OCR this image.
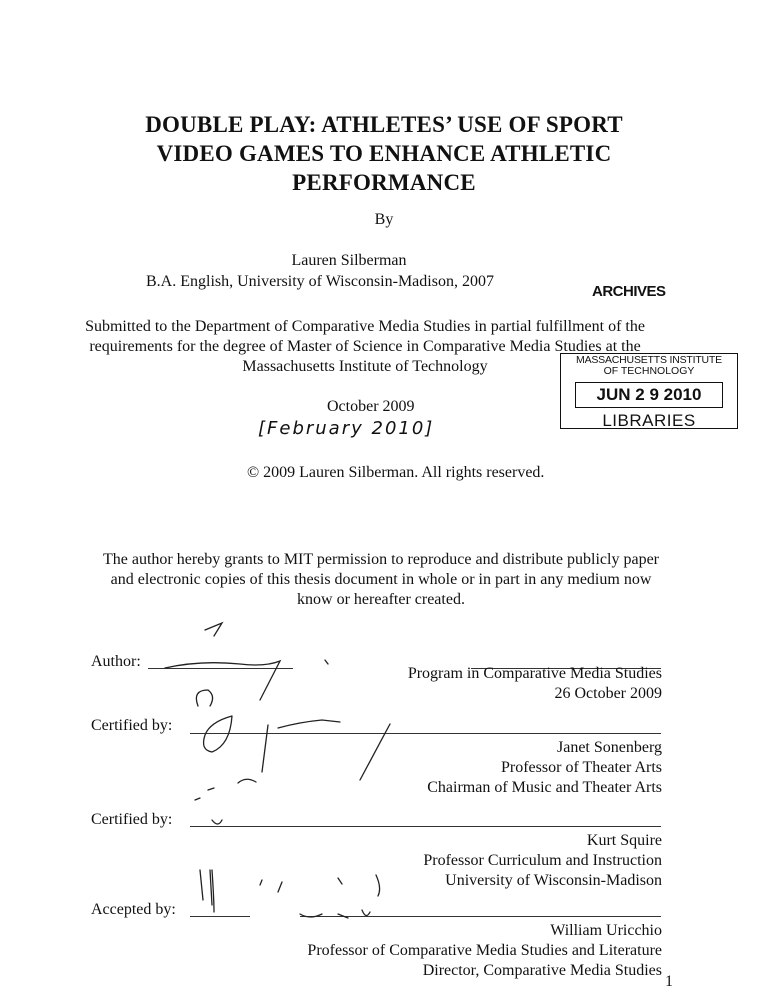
DOUBLE PLAY: ATHLETES’ USE OF SPORT
VIDEO GAMES TO ENHANCE ATHLETIC
PERFORMANCE
By
Lauren Silberman
B.A. English, University of Wisconsin-Madison, 2007
ARCHIVES
Submitted to the Department of Comparative Media Studies in partial fulfillment of the
requirements for the degree of Master of Science in Comparative Media Studies at the
Massachusetts Institute of Technology	MASSACHUSETTS INSTITUTE
OF TECHNOLOGY
JUN 2 9 2010
LIBRARIES
October 2009
[February 2010]
© 2009 Lauren Silberman. All rights reserved.
The author hereby grants to MIT permission to reproduce and distribute publicly paper
and electronic copies of this thesis document in whole or in part in any medium now
know or hereafter created.
Author:
Program in Comparative Media Studies
26 October 2009
Certified by:
Janet Sonenberg
Professor of Theater Arts
Chairman of Music and Theater Arts
Certified by:
Kurt Squire
Professor Curriculum and Instruction
University of Wisconsin-Madison
Accepted by:
William Uricchio
Professor of Comparative Media Studies and Literature
Director, Comparative Media Studies
1
